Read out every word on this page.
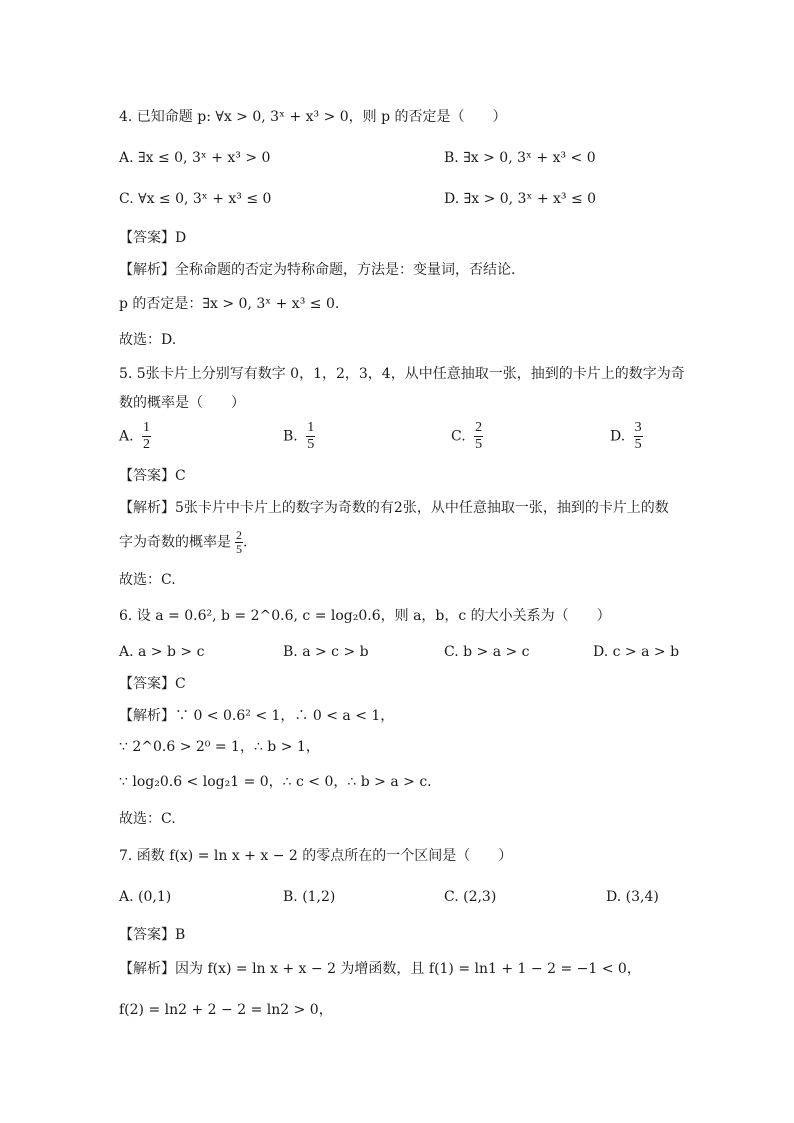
4. 已知命题 p: ∀x > 0, 3ˣ + x³ > 0，则 p 的否定是（　　）
A. ∃x ≤ 0, 3ˣ + x³ > 0	B. ∃x > 0, 3ˣ + x³ < 0
C. ∀x ≤ 0, 3ˣ + x³ ≤ 0	D. ∃x > 0, 3ˣ + x³ ≤ 0
【答案】D
【解析】全称命题的否定为特称命题，方法是：变量词，否结论.
p 的否定是：∃x > 0, 3ˣ + x³ ≤ 0.
故选：D.
5. 5张卡片上分别写有数字 0，1，2，3，4，从中任意抽取一张，抽到的卡片上的数字为奇
数的概率是（　　）
A. $\frac{1}{2}$	B. $\frac{1}{5}$	C. $\frac{2}{5}$	D. $\frac{3}{5}$
【答案】C
【解析】5张卡片中卡片上的数字为奇数的有2张，从中任意抽取一张，抽到的卡片上的数
字为奇数的概率是 $\frac{2}{5}$ .
故选：C.
6. 设 a = 0.6², b = 2^0.6, c = log₂0.6，则 a，b，c 的大小关系为（　　）
A. a > b > c	B. a > c > b	C. b > a > c	D. c > a > b
【答案】C
【解析】∵ 0 < 0.6² < 1，∴ 0 < a < 1，
∵ 2^0.6 > 2⁰ = 1，∴ b > 1，
∵ log₂0.6 < log₂1 = 0，∴ c < 0，∴ b > a > c.
故选：C.
7. 函数 f(x) = ln x + x − 2 的零点所在的一个区间是（　　）
A. (0,1)	B. (1,2)	C. (2,3)	D. (3,4)
【答案】B
【解析】因为 f(x) = ln x + x − 2 为增函数，且 f(1) = ln1 + 1 − 2 = −1 < 0，
f(2) = ln2 + 2 − 2 = ln2 > 0，
